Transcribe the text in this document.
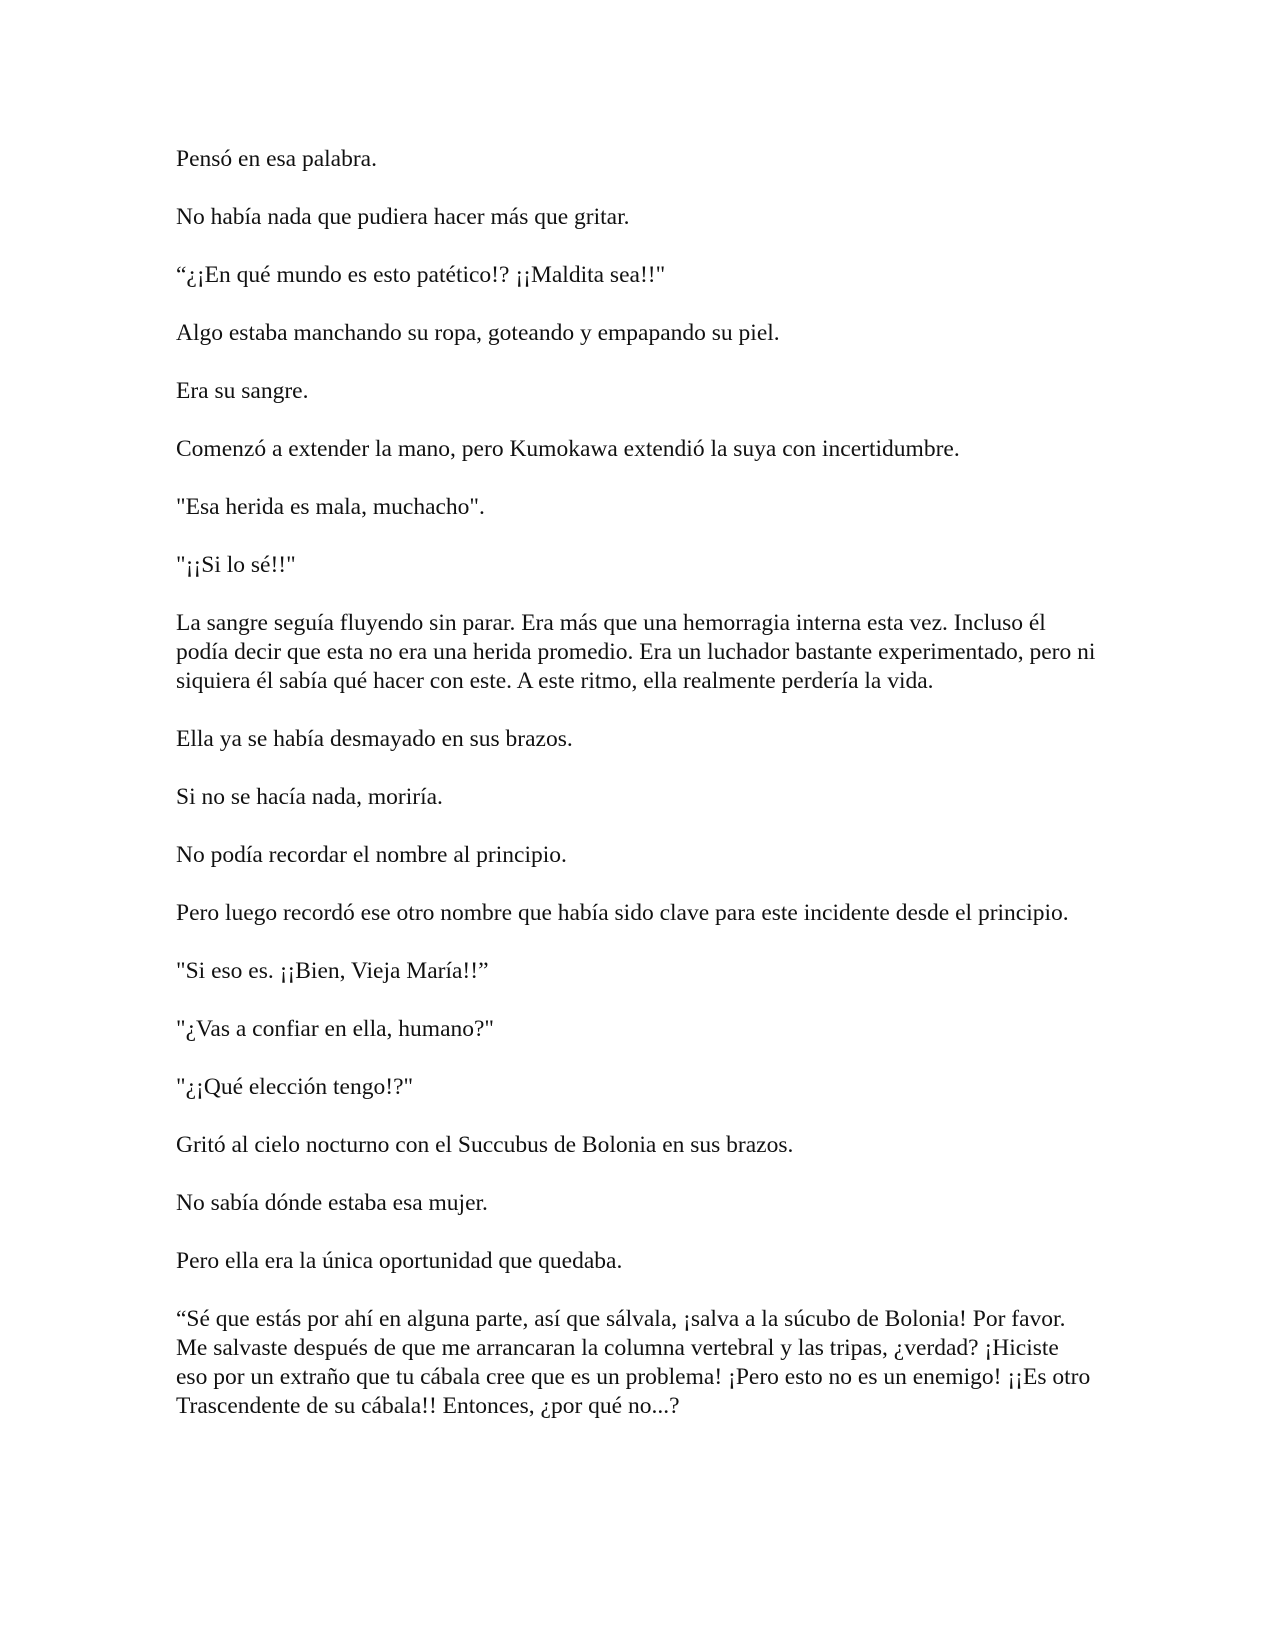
Pensó en esa palabra.

No había nada que pudiera hacer más que gritar.

“¿¡En qué mundo es esto patético!? ¡¡Maldita sea!!"

Algo estaba manchando su ropa, goteando y empapando su piel.

Era su sangre.

Comenzó a extender la mano, pero Kumokawa extendió la suya con incertidumbre.

"Esa herida es mala, muchacho".

"¡¡Si lo sé!!"

La sangre seguía fluyendo sin parar. Era más que una hemorragia interna esta vez. Incluso él podía decir que esta no era una herida promedio. Era un luchador bastante experimentado, pero ni siquiera él sabía qué hacer con este. A este ritmo, ella realmente perdería la vida.

Ella ya se había desmayado en sus brazos.

Si no se hacía nada, moriría.

No podía recordar el nombre al principio.

Pero luego recordó ese otro nombre que había sido clave para este incidente desde el principio.

"Si eso es. ¡¡Bien, Vieja María!!”

"¿Vas a confiar en ella, humano?"

"¿¡Qué elección tengo!?"

Gritó al cielo nocturno con el Succubus de Bolonia en sus brazos.

No sabía dónde estaba esa mujer.

Pero ella era la única oportunidad que quedaba.

“Sé que estás por ahí en alguna parte, así que sálvala, ¡salva a la súcubo de Bolonia! Por favor. Me salvaste después de que me arrancaran la columna vertebral y las tripas, ¿verdad? ¡Hiciste eso por un extraño que tu cábala cree que es un problema! ¡Pero esto no es un enemigo! ¡¡Es otro Trascendente de su cábala!! Entonces, ¿por qué no...?
